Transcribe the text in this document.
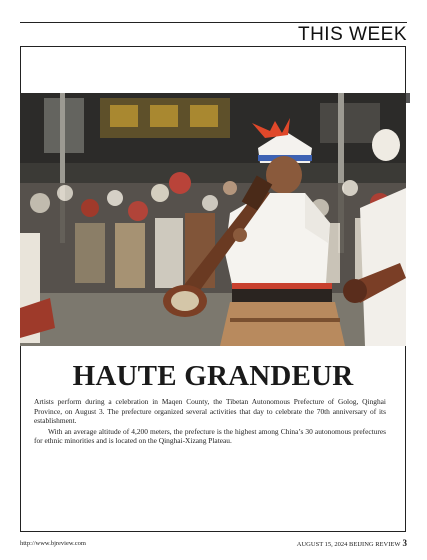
THIS WEEK
HAUTE GRANDEUR

Artists perform during a celebration in Maqen County, the Tibetan Autonomous Prefecture of Golog, Qinghai Province, on August 3. The prefecture organized several activities that day to celebrate the 70th anniversary of its establishment.

With an average altitude of 4,200 meters, the prefecture is the highest among China’s 30 autonomous prefectures for ethnic minorities and is located on the Qinghai-Xizang Plateau.

http://www.bjreview.com	AUGUST 15, 2024 BEIJING REVIEW 3
